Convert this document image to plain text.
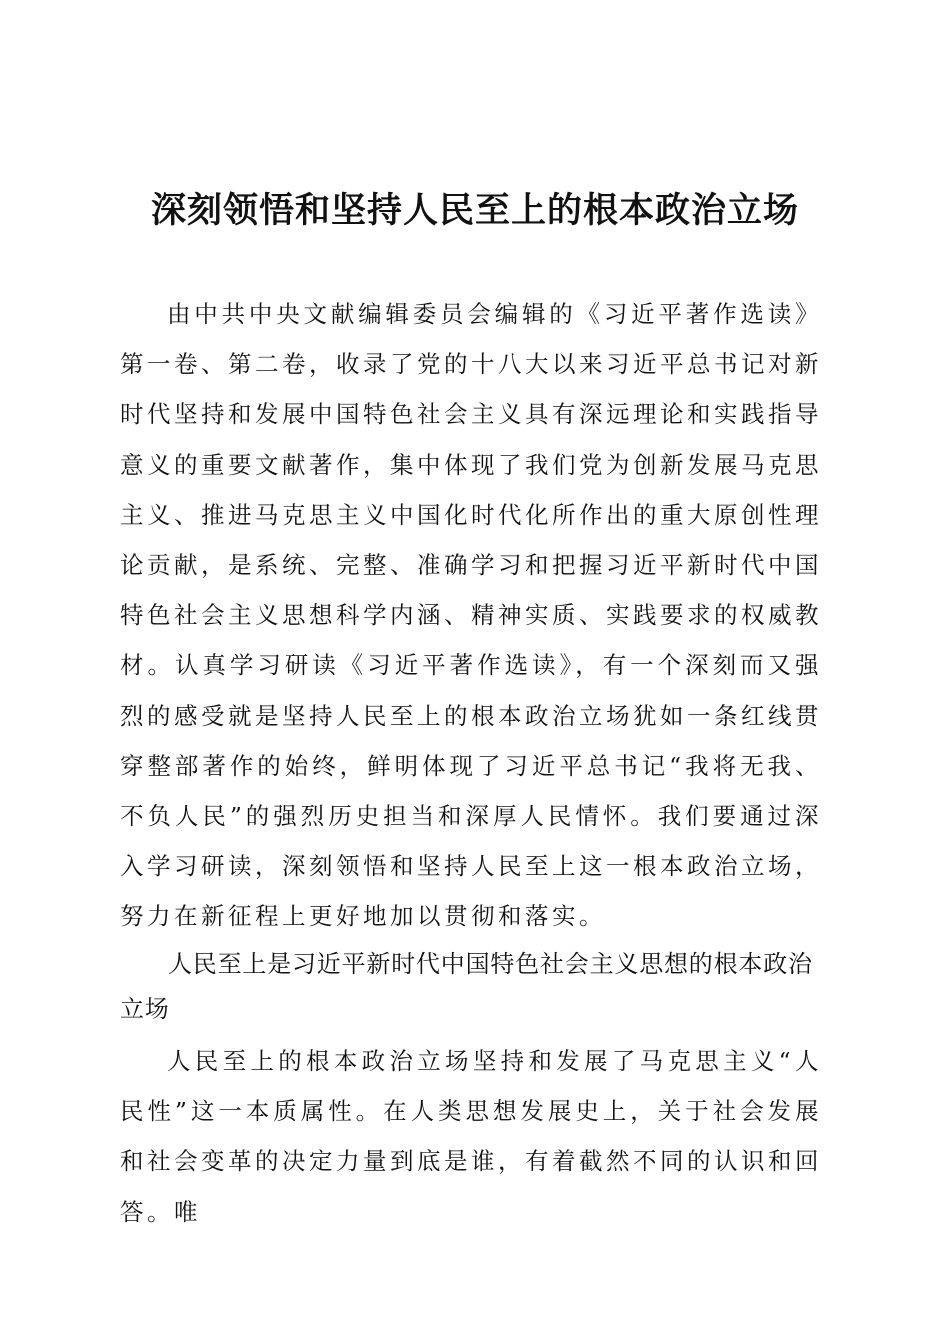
深刻领悟和坚持人民至上的根本政治立场

由中共中央文献编辑委员会编辑的《习近平著作选读》第一卷、第二卷，收录了党的十八大以来习近平总书记对新时代坚持和发展中国特色社会主义具有深远理论和实践指导意义的重要文献著作，集中体现了我们党为创新发展马克思主义、推进马克思主义中国化时代化所作出的重大原创性理论贡献，是系统、完整、准确学习和把握习近平新时代中国特色社会主义思想科学内涵、精神实质、实践要求的权威教材。认真学习研读《习近平著作选读》，有一个深刻而又强烈的感受就是坚持人民至上的根本政治立场犹如一条红线贯穿整部著作的始终，鲜明体现了习近平总书记“我将无我、不负人民”的强烈历史担当和深厚人民情怀。我们要通过深入学习研读，深刻领悟和坚持人民至上这一根本政治立场，努力在新征程上更好地加以贯彻和落实。

人民至上是习近平新时代中国特色社会主义思想的根本政治立场

人民至上的根本政治立场坚持和发展了马克思主义“人民性”这一本质属性。在人类思想发展史上，关于社会发展和社会变革的决定力量到底是谁，有着截然不同的认识和回答。唯
